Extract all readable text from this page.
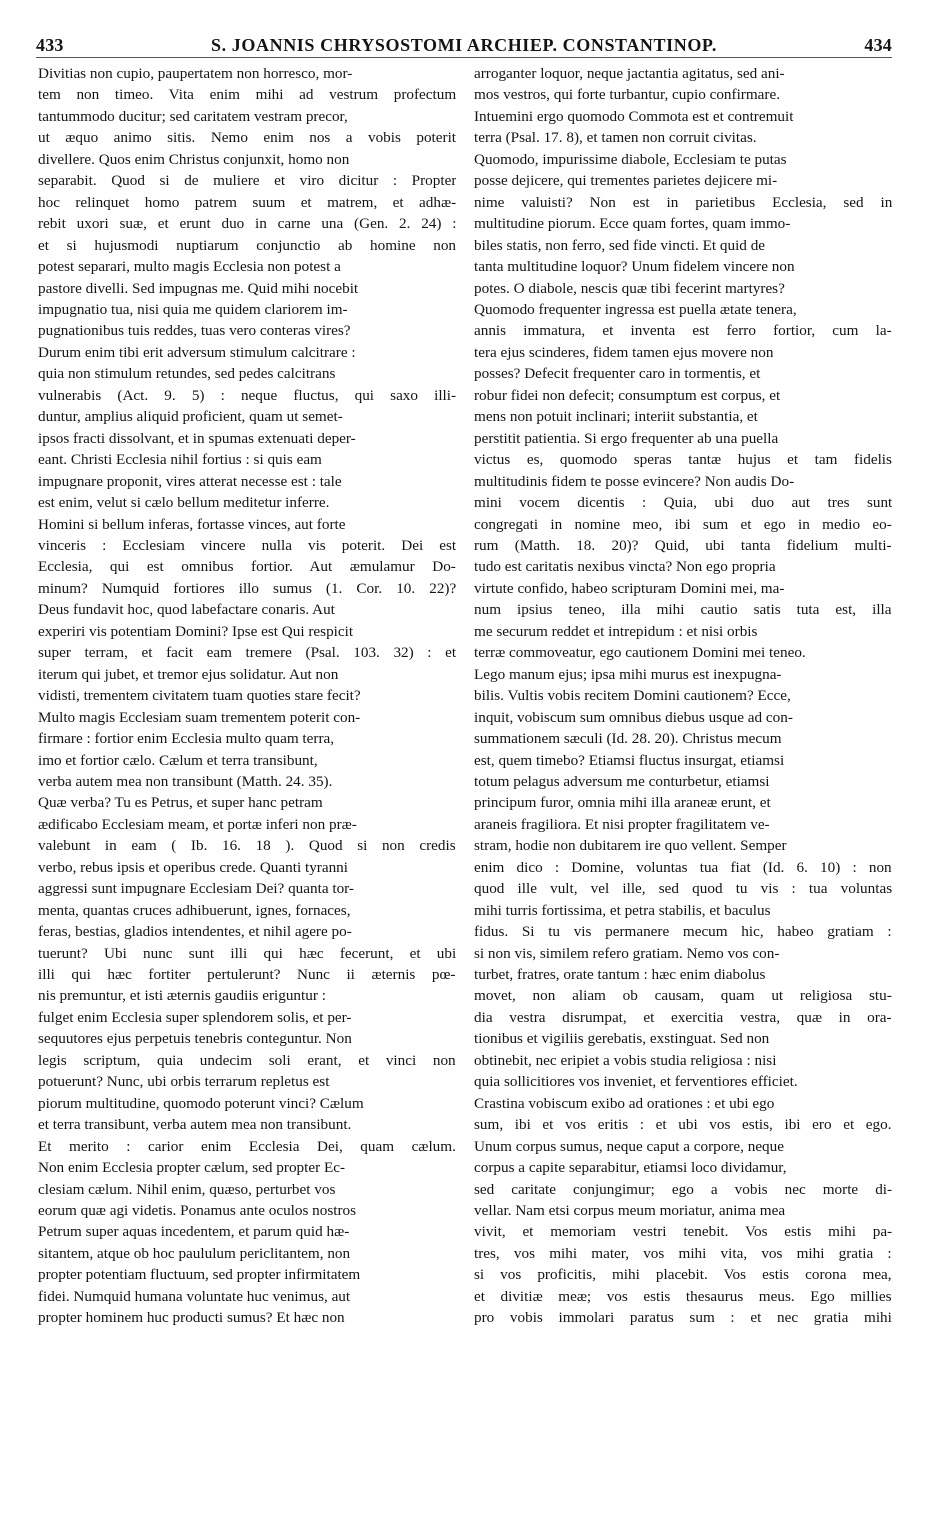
433	S. JOANNIS CHRYSOSTOMI ARCHIEP. CONSTANTINOP.	434
Divitias non cupio, paupertatem non horresco, mor-
tem non timeo. Vita enim mihi ad vestrum profectum
tantummodo ducitur; sed caritatem vestram precor,
ut æquo animo sitis. Nemo enim nos a vobis poterit
divellere. Quos enim Christus conjunxit, homo non
separabit. Quod si de muliere et viro dicitur : Propter
hoc relinquet homo patrem suum et matrem, et adhæ-
rebit uxori suæ, et erunt duo in carne una (Gen. 2. 24) :
et si hujusmodi nuptiarum conjunctio ab homine non
potest separari, multo magis Ecclesia non potest a
pastore divelli. Sed impugnas me. Quid mihi nocebit
impugnatio tua, nisi quia me quidem clariorem im-
pugnationibus tuis reddes, tuas vero conteras vires?
Durum enim tibi erit adversum stimulum calcitrare :
quia non stimulum retundes, sed pedes calcitrans
vulnerabis (Act. 9. 5) : neque fluctus, qui saxo illi-
duntur, amplius aliquid proficient, quam ut semet-
ipsos fracti dissolvant, et in spumas extenuati deper-
eant. Christi Ecclesia nihil fortius : si quis eam
impugnare proponit, vires atterat necesse est : tale
est enim, velut si cælo bellum meditetur inferre.
Homini si bellum inferas, fortasse vinces, aut forte
vinceris : Ecclesiam vincere nulla vis poterit. Dei est
Ecclesia, qui est omnibus fortior. Aut æmulamur Do-
minum? Numquid fortiores illo sumus (1. Cor. 10. 22)?
Deus fundavit hoc, quod labefactare conaris. Aut
experiri vis potentiam Domini? Ipse est Qui respicit
super terram, et facit eam tremere (Psal. 103. 32) : et
iterum qui jubet, et tremor ejus solidatur. Aut non
vidisti, trementem civitatem tuam quoties stare fecit?
Multo magis Ecclesiam suam trementem poterit con-
firmare : fortior enim Ecclesia multo quam terra,
imo et fortior cælo. Cælum et terra transibunt,
verba autem mea non transibunt (Matth. 24. 35).
Quæ verba? Tu es Petrus, et super hanc petram
ædificabo Ecclesiam meam, et portæ inferi non præ-
valebunt in eam ( Ib. 16. 18 ). Quod si non credis
verbo, rebus ipsis et operibus crede. Quanti tyranni
aggressi sunt impugnare Ecclesiam Dei? quanta tor-
menta, quantas cruces adhibuerunt, ignes, fornaces,
feras, bestias, gladios intendentes, et nihil agere po-
tuerunt? Ubi nunc sunt illi qui hæc fecerunt, et ubi
illi qui hæc fortiter pertulerunt? Nunc ii æternis pœ-
nis premuntur, et isti æternis gaudiis eriguntur :
fulget enim Ecclesia super splendorem solis, et per-
sequutores ejus perpetuis tenebris conteguntur. Non
legis scriptum, quia undecim soli erant, et vinci non
potuerunt? Nunc, ubi orbis terrarum repletus est
piorum multitudine, quomodo poterunt vinci? Cælum
et terra transibunt, verba autem mea non transibunt.
Et merito : carior enim Ecclesia Dei, quam cælum.
Non enim Ecclesia propter cælum, sed propter Ec-
clesiam cælum. Nihil enim, quæso, perturbet vos
eorum quæ agi videtis. Ponamus ante oculos nostros
Petrum super aquas incedentem, et parum quid hæ-
sitantem, atque ob hoc paululum periclitantem, non
propter potentiam fluctuum, sed propter infirmitatem
fidei. Numquid humana voluntate huc venimus, aut
propter hominem huc producti sumus? Et hæc non
arroganter loquor, neque jactantia agitatus, sed ani-
mos vestros, qui forte turbantur, cupio confirmare.
Intuemini ergo quomodo Commota est et contremuit
terra (Psal. 17. 8), et tamen non corruit civitas.
Quomodo, impurissime diabole, Ecclesiam te putas
posse dejicere, qui trementes parietes dejicere mi-
nime valuisti? Non est in parietibus Ecclesia, sed in
multitudine piorum. Ecce quam fortes, quam immo-
biles statis, non ferro, sed fide vincti. Et quid de
tanta multitudine loquor? Unum fidelem vincere non
potes. O diabole, nescis quæ tibi fecerint martyres?
Quomodo frequenter ingressa est puella ætate tenera,
annis immatura, et inventa est ferro fortior, cum la-
tera ejus scinderes, fidem tamen ejus movere non
posses? Defecit frequenter caro in tormentis, et
robur fidei non defecit; consumptum est corpus, et
mens non potuit inclinari; interiit substantia, et
perstitit patientia. Si ergo frequenter ab una puella
victus es, quomodo speras tantæ hujus et tam fidelis
multitudinis fidem te posse evincere? Non audis Do-
mini vocem dicentis : Quia, ubi duo aut tres sunt
congregati in nomine meo, ibi sum et ego in medio eo-
rum (Matth. 18. 20)? Quid, ubi tanta fidelium multi-
tudo est caritatis nexibus vincta? Non ego propria
virtute confido, habeo scripturam Domini mei, ma-
num ipsius teneo, illa mihi cautio satis tuta est, illa
me securum reddet et intrepidum : et nisi orbis
terræ commoveatur, ego cautionem Domini mei teneo.
Lego manum ejus; ipsa mihi murus est inexpugna-
bilis. Vultis vobis recitem Domini cautionem? Ecce,
inquit, vobiscum sum omnibus diebus usque ad con-
summationem sæculi (Id. 28. 20). Christus mecum
est, quem timebo? Etiamsi fluctus insurgat, etiamsi
totum pelagus adversum me conturbetur, etiamsi
principum furor, omnia mihi illa araneæ erunt, et
araneis fragiliora. Et nisi propter fragilitatem ve-
stram, hodie non dubitarem ire quo vellent. Semper
enim dico : Domine, voluntas tua fiat (Id. 6. 10) : non
quod ille vult, vel ille, sed quod tu vis : tua voluntas
mihi turris fortissima, et petra stabilis, et baculus
fidus. Si tu vis permanere mecum hic, habeo gratiam :
si non vis, similem refero gratiam. Nemo vos con-
turbet, fratres, orate tantum : hæc enim diabolus
movet, non aliam ob causam, quam ut religiosa stu-
dia vestra disrumpat, et exercitia vestra, quæ in ora-
tionibus et vigiliis gerebatis, exstinguat. Sed non
obtinebit, nec eripiet a vobis studia religiosa : nisi
quia sollicitiores vos inveniet, et ferventiores efficiet.
Crastina vobiscum exibo ad orationes : et ubi ego
sum, ibi et vos eritis : et ubi vos estis, ibi ero et ego.
Unum corpus sumus, neque caput a corpore, neque
corpus a capite separabitur, etiamsi loco dividamur,
sed caritate conjungimur; ego a vobis nec morte di-
vellar. Nam etsi corpus meum moriatur, anima mea
vivit, et memoriam vestri tenebit. Vos estis mihi pa-
tres, vos mihi mater, vos mihi vita, vos mihi gratia :
si vos proficitis, mihi placebit. Vos estis corona mea,
et divitiæ meæ; vos estis thesaurus meus. Ego millies
pro vobis immolari paratus sum : et nec gratia mihi
